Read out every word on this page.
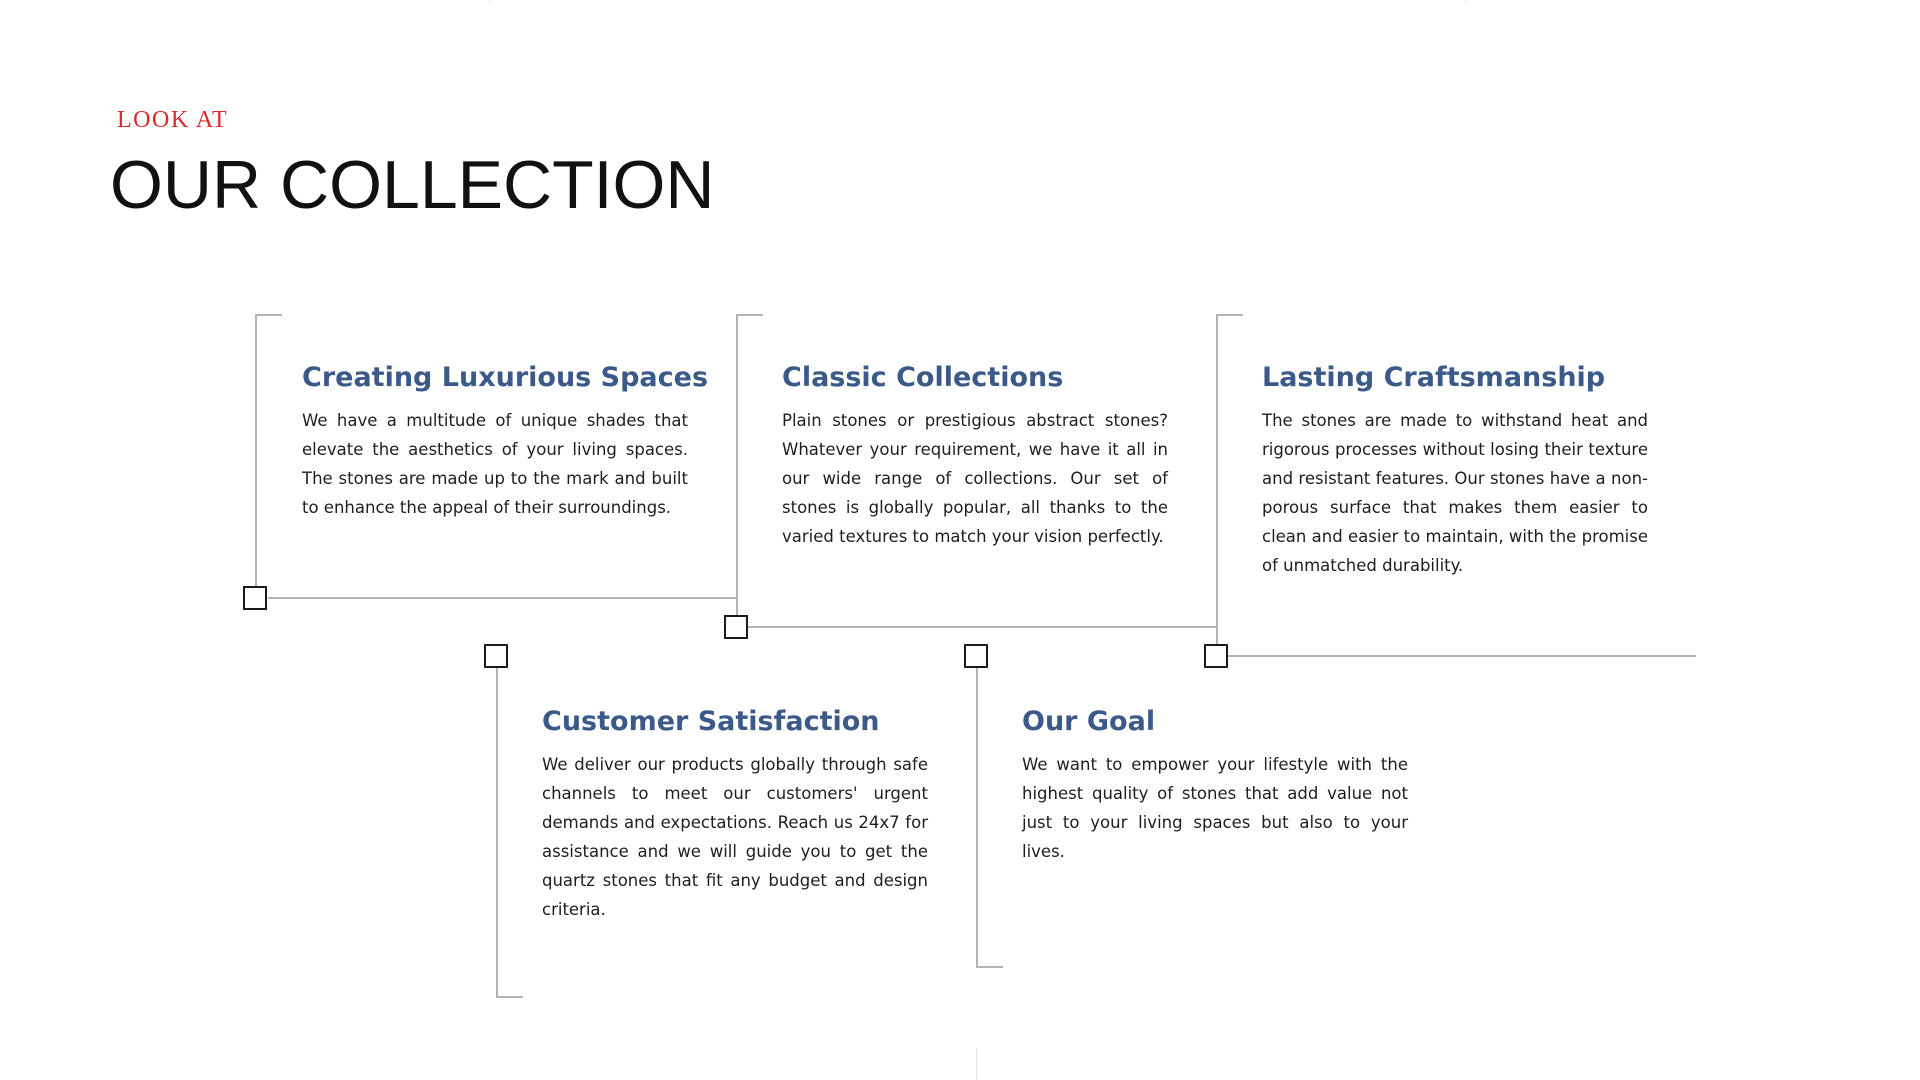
LOOK AT
OUR COLLECTION
Creating Luxurious Spaces
We have a multitude of unique shades that elevate the aesthetics of your living spaces. The stones are made up to the mark and built to enhance the appeal of their surroundings.
Classic Collections
Plain stones or prestigious abstract stones? Whatever your requirement, we have it all in our wide range of collections. Our set of stones is globally popular, all thanks to the varied textures to match your vision perfectly.
Lasting Craftsmanship
The stones are made to withstand heat and rigorous processes without losing their texture and resistant features. Our stones have a non-porous surface that makes them easier to clean and easier to maintain, with the promise of unmatched durability.
Customer Satisfaction
We deliver our products globally through safe channels to meet our customers' urgent demands and expectations. Reach us 24x7 for assistance and we will guide you to get the quartz stones that fit any budget and design criteria.
Our Goal
We want to empower your lifestyle with the highest quality of stones that add value not just to your living spaces but also to your lives.
